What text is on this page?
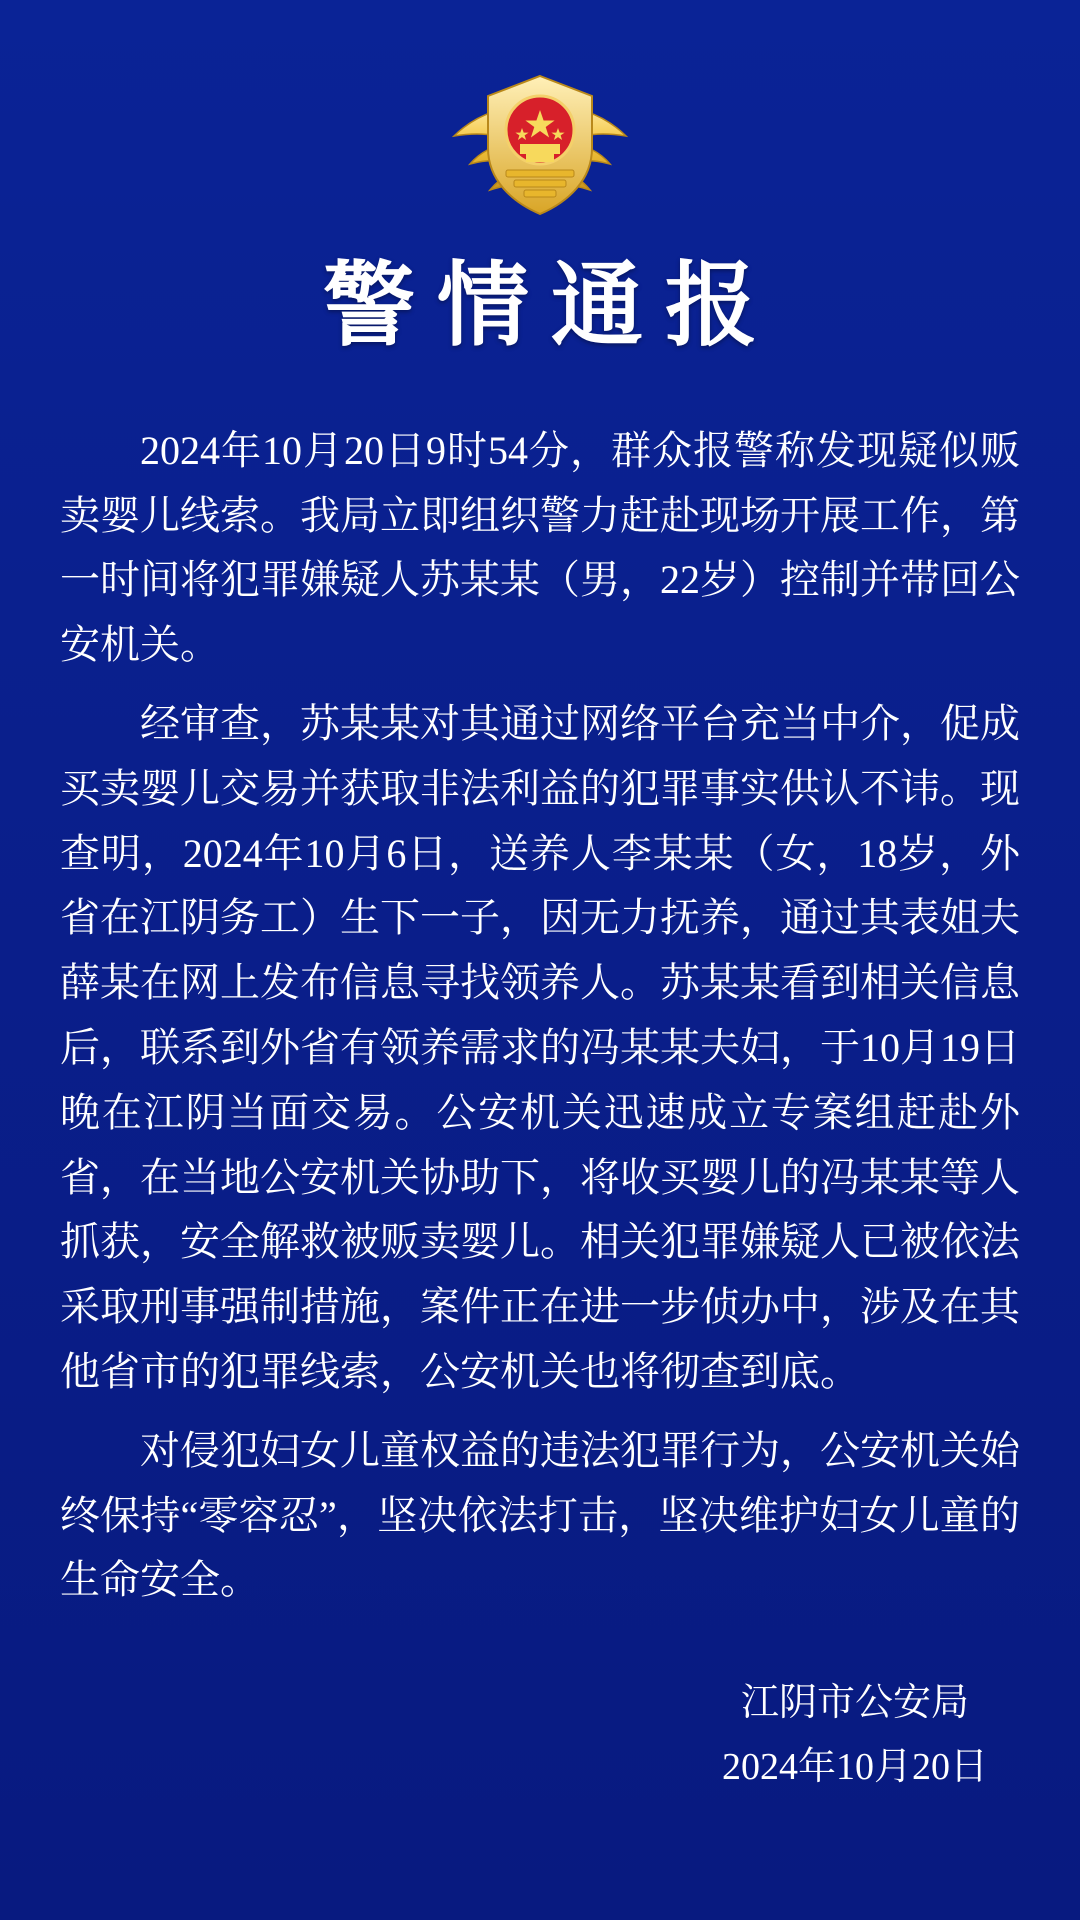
警情通报

2024年10月20日9时54分，群众报警称发现疑似贩卖婴儿线索。我局立即组织警力赶赴现场开展工作，第一时间将犯罪嫌疑人苏某某（男，22岁）控制并带回公安机关。

经审查，苏某某对其通过网络平台充当中介，促成买卖婴儿交易并获取非法利益的犯罪事实供认不讳。现查明，2024年10月6日，送养人李某某（女，18岁，外省在江阴务工）生下一子，因无力抚养，通过其表姐夫薛某在网上发布信息寻找领养人。苏某某看到相关信息后，联系到外省有领养需求的冯某某夫妇，于10月19日晚在江阴当面交易。公安机关迅速成立专案组赶赴外省，在当地公安机关协助下，将收买婴儿的冯某某等人抓获，安全解救被贩卖婴儿。相关犯罪嫌疑人已被依法采取刑事强制措施，案件正在进一步侦办中，涉及在其他省市的犯罪线索，公安机关也将彻查到底。

对侵犯妇女儿童权益的违法犯罪行为，公安机关始终保持“零容忍”，坚决依法打击，坚决维护妇女儿童的生命安全。

江阴市公安局
2024年10月20日
